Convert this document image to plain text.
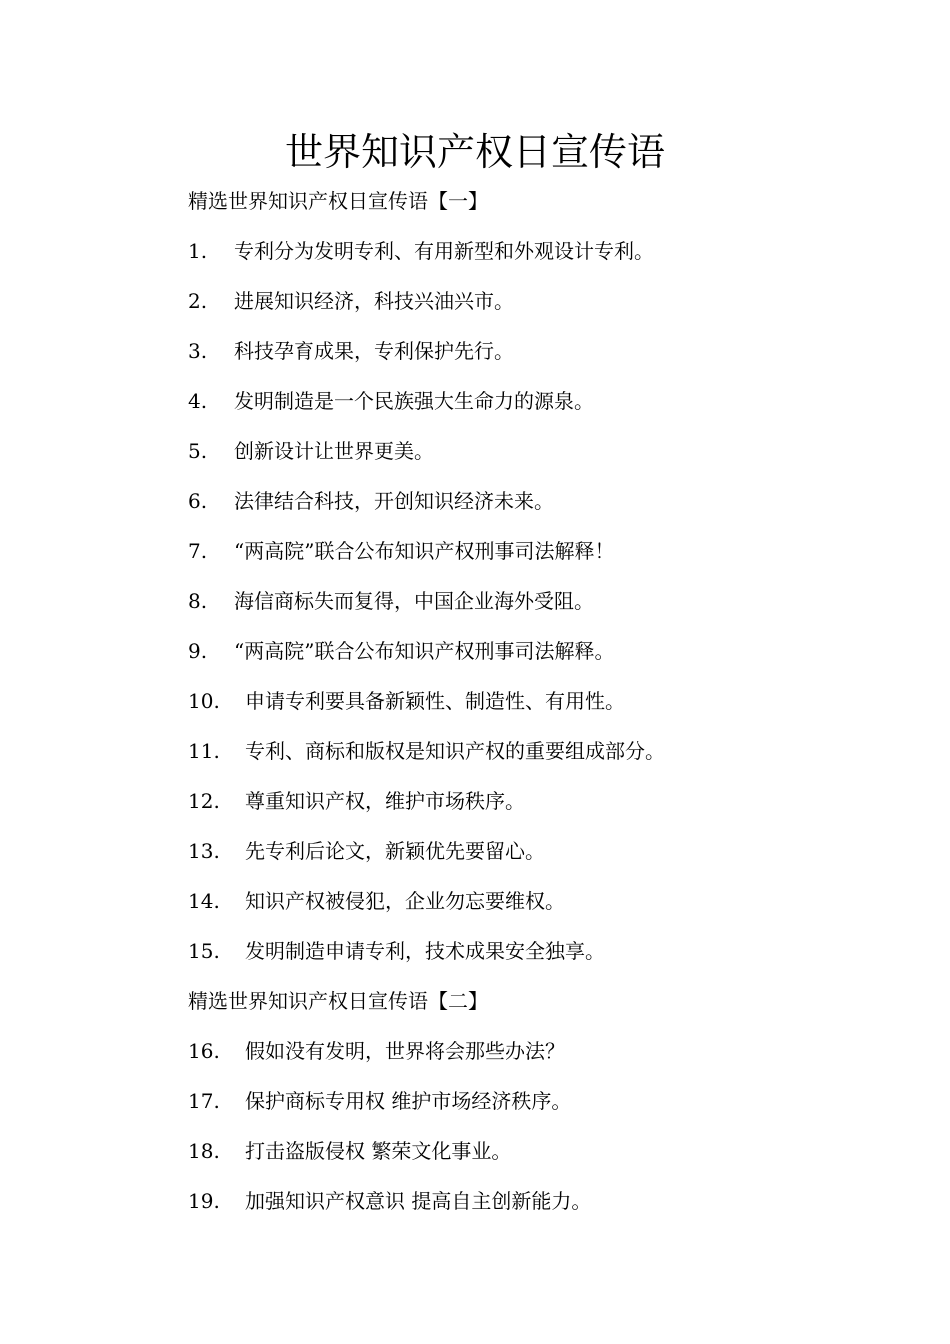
世界知识产权日宣传语
精选世界知识产权日宣传语【一】
1. 专利分为发明专利、有用新型和外观设计专利。
2. 进展知识经济，科技兴油兴市。
3. 科技孕育成果，专利保护先行。
4. 发明制造是一个民族强大生命力的源泉。
5. 创新设计让世界更美。
6. 法律结合科技，开创知识经济未来。
7. “两高院”联合公布知识产权刑事司法解释！
8. 海信商标失而复得，中国企业海外受阻。
9. “两高院”联合公布知识产权刑事司法解释。
10. 申请专利要具备新颖性、制造性、有用性。
11. 专利、商标和版权是知识产权的重要组成部分。
12. 尊重知识产权，维护市场秩序。
13. 先专利后论文，新颖优先要留心。
14. 知识产权被侵犯，企业勿忘要维权。
15. 发明制造申请专利，技术成果安全独享。
精选世界知识产权日宣传语【二】
16. 假如没有发明，世界将会那些办法？
17. 保护商标专用权 维护市场经济秩序。
18. 打击盗版侵权 繁荣文化事业。
19. 加强知识产权意识 提高自主创新能力。
